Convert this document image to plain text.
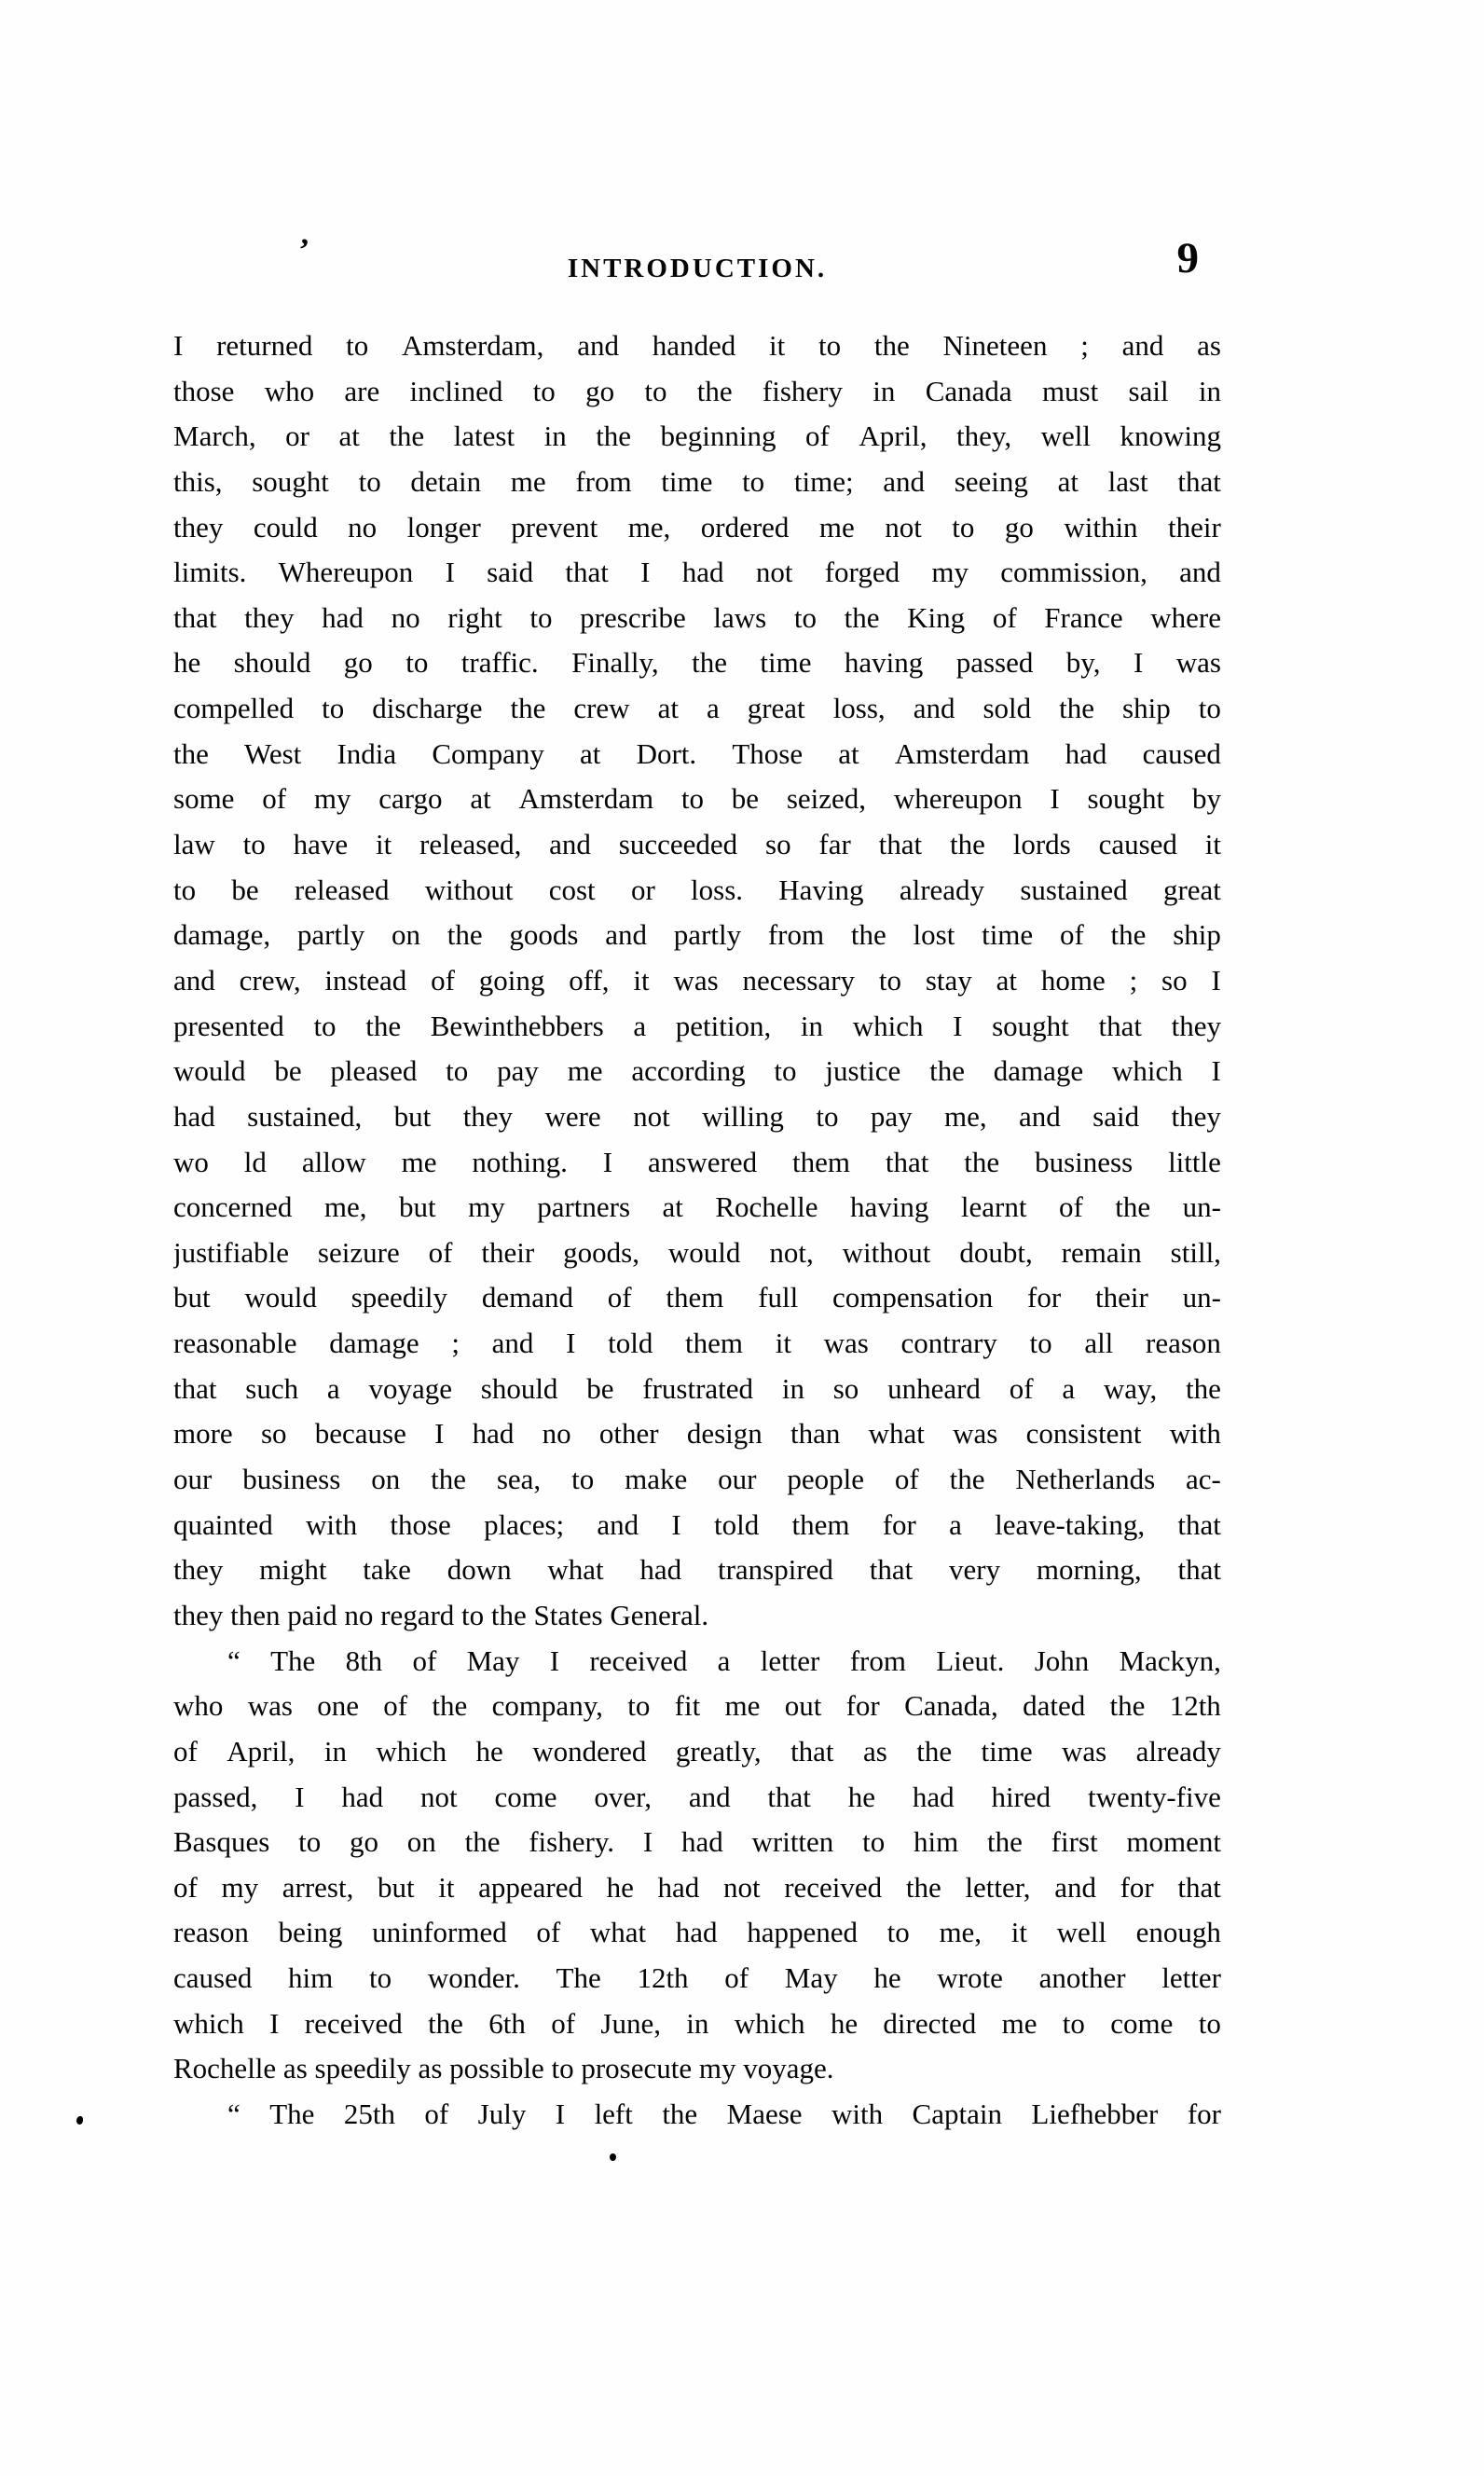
’
INTRODUCTION.	9
I returned to Amsterdam, and handed it to the Nineteen ; and as
those who are inclined to go to the fishery in Canada must sail in
March, or at the latest in the beginning of April, they, well knowing
this, sought to detain me from time to time; and seeing at last that
they could no longer prevent me, ordered me not to go within their
limits. Whereupon I said that I had not forged my commission, and
that they had no right to prescribe laws to the King of France where
he should go to traffic. Finally, the time having passed by, I was
compelled to discharge the crew at a great loss, and sold the ship to
the West India Company at Dort. Those at Amsterdam had caused
some of my cargo at Amsterdam to be seized, whereupon I sought by
law to have it released, and succeeded so far that the lords caused it
to be released without cost or loss. Having already sustained great
damage, partly on the goods and partly from the lost time of the ship
and crew, instead of going off, it was necessary to stay at home ; so I
presented to the Bewinthebbers a petition, in which I sought that they
would be pleased to pay me according to justice the damage which I
had sustained, but they were not willing to pay me, and said they
wo ld allow me nothing. I answered them that the business little
concerned me, but my partners at Rochelle having learnt of the un-
justifiable seizure of their goods, would not, without doubt, remain still,
but would speedily demand of them full compensation for their un-
reasonable damage ; and I told them it was contrary to all reason
that such a voyage should be frustrated in so unheard of a way, the
more so because I had no other design than what was consistent with
our business on the sea, to make our people of the Netherlands ac-
quainted with those places; and I told them for a leave-taking, that
they might take down what had transpired that very morning, that
they then paid no regard to the States General.
“ The 8th of May I received a letter from Lieut. John Mackyn,
who was one of the company, to fit me out for Canada, dated the 12th
of April, in which he wondered greatly, that as the time was already
passed, I had not come over, and that he had hired twenty-five
Basques to go on the fishery. I had written to him the first moment
of my arrest, but it appeared he had not received the letter, and for that
reason being uninformed of what had happened to me, it well enough
caused him to wonder. The 12th of May he wrote another letter
which I received the 6th of June, in which he directed me to come to
Rochelle as speedily as possible to prosecute my voyage.
“ The 25th of July I left the Maese with Captain Liefhebber for
